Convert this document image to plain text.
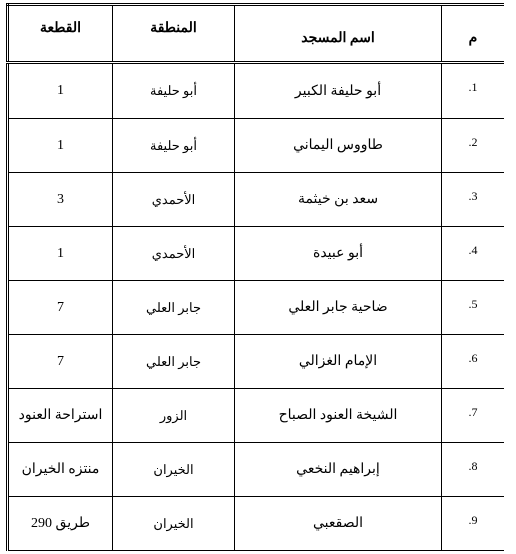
م	اسم المسجد	المنطقة	القطعة
1.	أبو حليفة الكبير	أبو حليفة	1
2.	طاووس اليماني	أبو حليفة	1
3.	سعد بن خيثمة	الأحمدي	3
4.	أبو عبيدة	الأحمدي	1
5.	ضاحية جابر العلي	جابر العلي	7
6.	الإمام الغزالي	جابر العلي	7
7.	الشيخة العنود الصباح	الزور	استراحة العنود
8.	إبراهيم النخعي	الخيران	منتزه الخيران
9.	الصقعبي	الخيران	طريق 290
